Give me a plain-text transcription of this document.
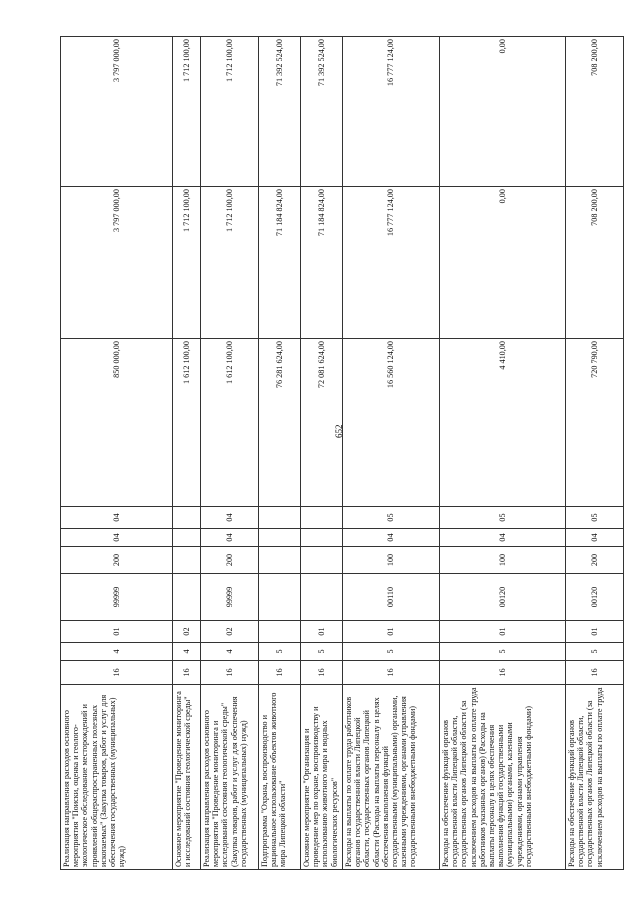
652
Реализация направления расходов основного мероприятия "Поиски, оценка и геолого-экологическое обследование месторождений и проявлений общераспространенных полезных ископаемых" (Закупка товаров, работ и услуг для обеспечения государственных (муниципальных) нужд)	16	4	01	99999	200	04	04	850 000,00	3 797 000,00	3 797 000,00
Основное мероприятие "Проведение мониторинга и исследований состояния геологической среды"	16	4	02					1 612 100,00	1 712 100,00	1 712 100,00
Реализация направления расходов основного мероприятия "Проведение мониторинга и исследований состояния геологической среды" (Закупка товаров, работ и услуг для обеспечения государственных (муниципальных) нужд)	16	4	02	99999	200	04	04	1 612 100,00	1 712 100,00	1 712 100,00
Подпрограмма "Охрана, воспроизводство и рациональное использование объектов животного мира Липецкой области"	16	5						76 281 624,00	71 184 824,00	71 392 524,00
Основное мероприятие "Организация и проведение мер по охране, воспроизводству и использованию животного мира и водных биологических ресурсов"	16	5	01					72 081 624,00	71 184 824,00	71 392 524,00
Расходы на выплаты по оплате труда работников органов государственной власти Липецкой области, государственных органов Липецкой области (Расходы на выплаты персоналу в целях обеспечения выполнения функций государственными (муниципальными) органами, казенными учреждениями, органами управления государственными внебюджетными фондами)	16	5	01	00110	100	04	05	16 560 124,00	16 777 124,00	16 777 124,00
Расходы на обеспечение функций органов государственной власти Липецкой области, государственных органов Липецкой области (за исключением расходов на выплаты по оплате труда работников указанных органов) (Расходы на выплаты персоналу в целях обеспечения выполнения функций государственными (муниципальными) органами, казенными учреждениями, органами управления государственными внебюджетными фондами)	16	5	01	00120	100	04	05	4 410,00	0,00	0,00
Расходы на обеспечение функций органов государственной власти Липецкой области, государственных органов Липецкой области (за исключением расходов на выплаты по оплате труда	16	5	01	00120	200	04	05	720 790,00	708 200,00	708 200,00
